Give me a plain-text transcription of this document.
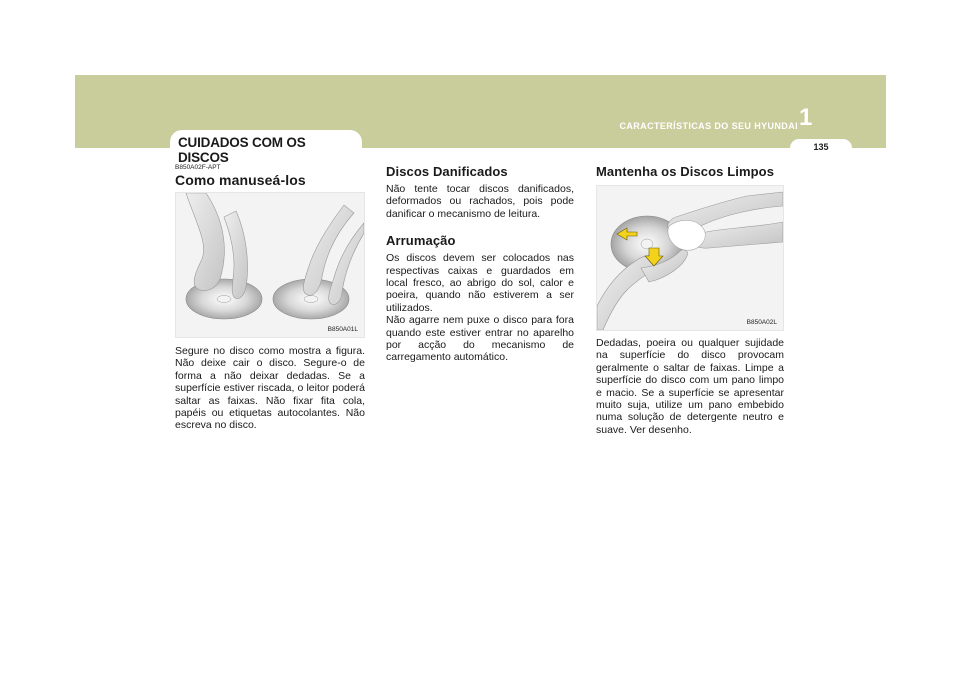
CARACTERÍSTICAS DO SEU HYUNDAI 1
135
CUIDADOS COM OS DISCOS

B850A02F-APT

Como manuseá-los
B850A01L

Segure no disco como mostra a figura. Não deixe cair o disco. Segure-o de forma a não deixar dedadas. Se a superfície estiver riscada, o leitor poderá saltar as faixas. Não fixar fita cola, papéis ou etiquetas autocolantes. Não escreva no disco.

Discos Danificados

Não tente tocar discos danificados, deformados ou rachados, pois pode danificar o mecanismo de leitura.

Arrumação

Os discos devem ser colocados nas respectivas caixas e guardados em local fresco, ao abrigo do sol, calor e poeira, quando não estiverem a ser utilizados.
Não agarre nem puxe o disco para fora quando este estiver entrar no aparelho por acção do mecanismo de carregamento automático.

Mantenha os Discos Limpos
B850A02L

Dedadas, poeira ou qualquer sujidade na superfície do disco provocam geralmente o saltar de faixas. Limpe a superfície do disco com um pano limpo e macio. Se a superfície se apresentar muito suja, utilize um pano embebido numa solução de detergente neutro e suave. Ver desenho.
